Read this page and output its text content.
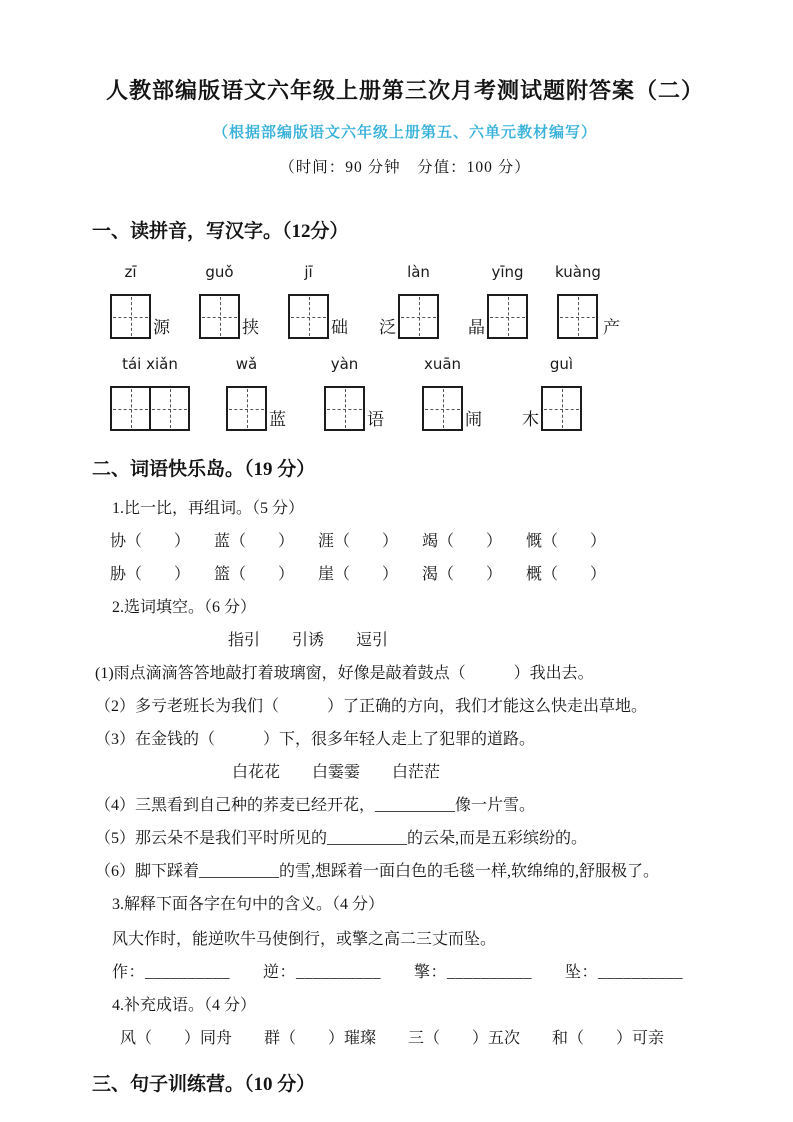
人教部编版语文六年级上册第三次月考测试题附答案（二）
（根据部编版语文六年级上册第五、六单元教材编写）
（时间：90 分钟　分值：100 分）
一、读拼音，写汉字。（12分）
zī
源
guǒ
挟
jī
础 泛
làn
晶
yīng kuàng
产
tái xiǎn	wǎ
蓝
yàn
语
xuān
闹 木
guì
二、词语快乐岛。（19 分）
1.比一比，再组词。（5 分）
协（　　）　　蓝（　　）　　涯（　　）　　竭（　　）　　慨（　　）
胁（　　）　　篮（　　）　　崖（　　）　　渴（　　）　　概（　　）
2.选词填空。（6 分）
指引　　引诱　　逗引
(1)雨点滴滴答答地敲打着玻璃窗，好像是敲着鼓点（　　　）我出去。
（2）多亏老班长为我们（　　　）了正确的方向，我们才能这么快走出草地。
（3）在金钱的（　　　）下，很多年轻人走上了犯罪的道路。
白花花　　白霎霎　　白茫茫
（4）三黑看到自己种的荞麦已经开花，__________像一片雪。
（5）那云朵不是我们平时所见的__________的云朵,而是五彩缤纷的。
（6）脚下踩着__________的雪,想踩着一面白色的毛毯一样,软绵绵的,舒服极了。
3.解释下面各字在句中的含义。（4 分）
风大作时，能逆吹牛马使倒行，或擎之高二三丈而坠。
作：__________　　逆：__________　　擎：__________　　坠：__________
4.补充成语。（4 分）
风（　　）同舟　　群（　　）璀璨　　三（　　）五次　　和（　　）可亲
三、句子训练营。（10 分）
